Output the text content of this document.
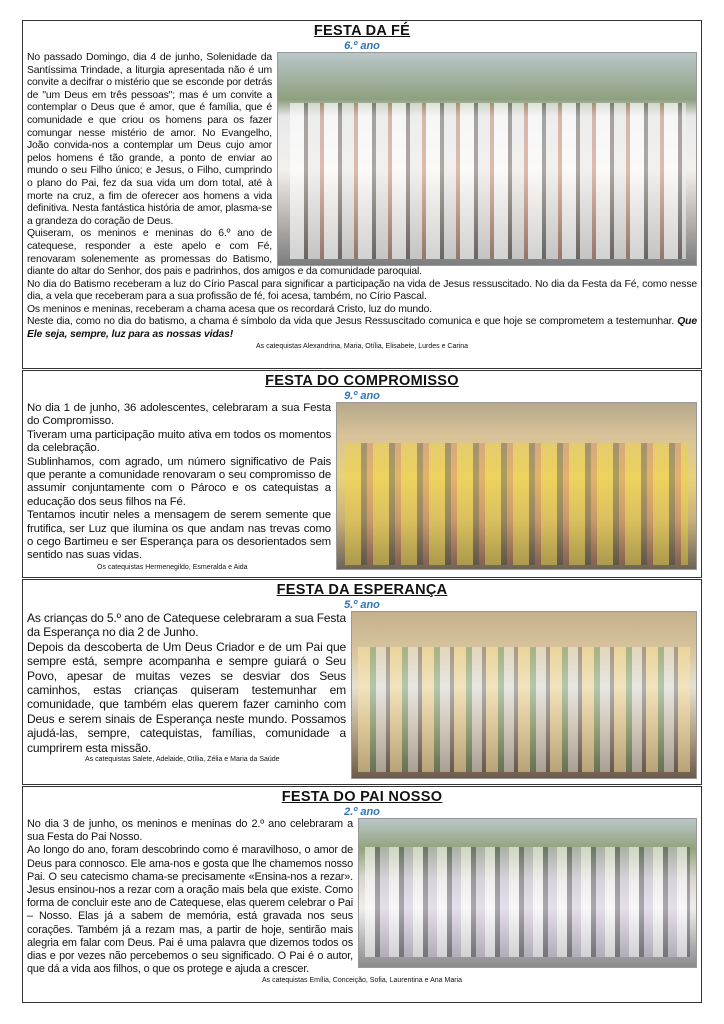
FESTA DA FÉ
6.º ano

No passado Domingo, dia 4 de junho, Solenidade da Santíssima Trindade, a liturgia apresentada não é um convite a decifrar o mistério que se esconde por detrás de "um Deus em três pessoas"; mas é um convite a contemplar o Deus que é amor, que é família, que é comunidade e que criou os homens para os fazer comungar nesse mistério de amor. No Evangelho, João convida-nos a contemplar um Deus cujo amor pelos homens é tão grande, a ponto de enviar ao mundo o seu Filho único; e Jesus, o Filho, cumprindo o plano do Pai, fez da sua vida um dom total, até à morte na cruz, a fim de oferecer aos homens a vida definitiva. Nesta fantástica história de amor, plasma-se a grandeza do coração de Deus.

Quiseram, os meninos e meninas do 6.º ano de catequese, responder a este apelo e com Fé, renovaram solenemente as promessas do Batismo, diante do altar do Senhor, dos pais e padrinhos, dos amigos e da comunidade paroquial.

No dia do Batismo receberam a luz do Círio Pascal para significar a participação na vida de Jesus ressuscitado. No dia da Festa da Fé, como nesse dia, a vela que receberam para a sua profissão de fé, foi acesa, também, no Círio Pascal.

Os meninos e meninas, receberam a chama acesa que os recordará Cristo, luz do mundo.

Neste dia, como no dia do batismo, a chama é símbolo da vida que Jesus Ressuscitado comunica e que hoje se comprometem a testemunhar. Que Ele seja, sempre, luz para as nossas vidas!

As catequistas Alexandrina, Maria, Otília, Elisabete, Lurdes e Carina
FESTA DO COMPROMISSO
9.º ano

No dia 1 de junho, 36 adolescentes, celebraram a sua Festa do Compromisso.

Tiveram uma participação muito ativa em todos os momentos da celebração.

Sublinhamos, com agrado, um número significativo de Pais que perante a comunidade renovaram o seu compromisso de assumir conjuntamente com o Pároco e os catequistas a educação dos seus filhos na Fé.

Tentamos incutir neles a mensagem de serem semente que frutifica, ser Luz que ilumina os que andam nas trevas como o cego Bartimeu e ser Esperança para os desorientados sem sentido nas suas vidas.

Os catequistas Hermenegildo, Esmeralda e Aida
FESTA DA ESPERANÇA
5.º ano

As crianças do 5.º ano de Catequese celebraram a sua Festa da Esperança no dia 2 de Junho.

Depois da descoberta de Um Deus Criador e de um Pai que sempre está, sempre acompanha e sempre guiará o Seu Povo, apesar de muitas vezes se desviar dos Seus caminhos, estas crianças quiseram testemunhar em comunidade, que também elas querem fazer caminho com Deus e serem sinais de Esperança neste mundo. Possamos ajudá-las, sempre, catequistas, famílias, comunidade a cumprirem esta missão.

As catequistas Salete, Adelaide, Otília, Zélia e Maria da Saúde
FESTA DO PAI NOSSO
2.º ano

No dia 3 de junho, os meninos e meninas do 2.º ano celebraram a sua Festa do Pai Nosso.

Ao longo do ano, foram descobrindo como é maravilhoso, o amor de Deus para connosco. Ele ama-nos e gosta que lhe chamemos nosso Pai. O seu catecismo chama-se precisamente «Ensina-nos a rezar». Jesus ensinou-nos a rezar com a oração mais bela que existe. Como forma de concluir este ano de Catequese, elas querem celebrar o Pai – Nosso. Elas já a sabem de memória, está gravada nos seus corações. Também já a rezam mas, a partir de hoje, sentirão mais alegria em falar com Deus. Pai é uma palavra que dizemos todos os dias e por vezes não percebemos o seu significado. O Pai é o autor, que dá a vida aos filhos, o que os protege e ajuda a crescer.

As catequistas Emília, Conceição, Sofia, Laurentina e Ana Maria
